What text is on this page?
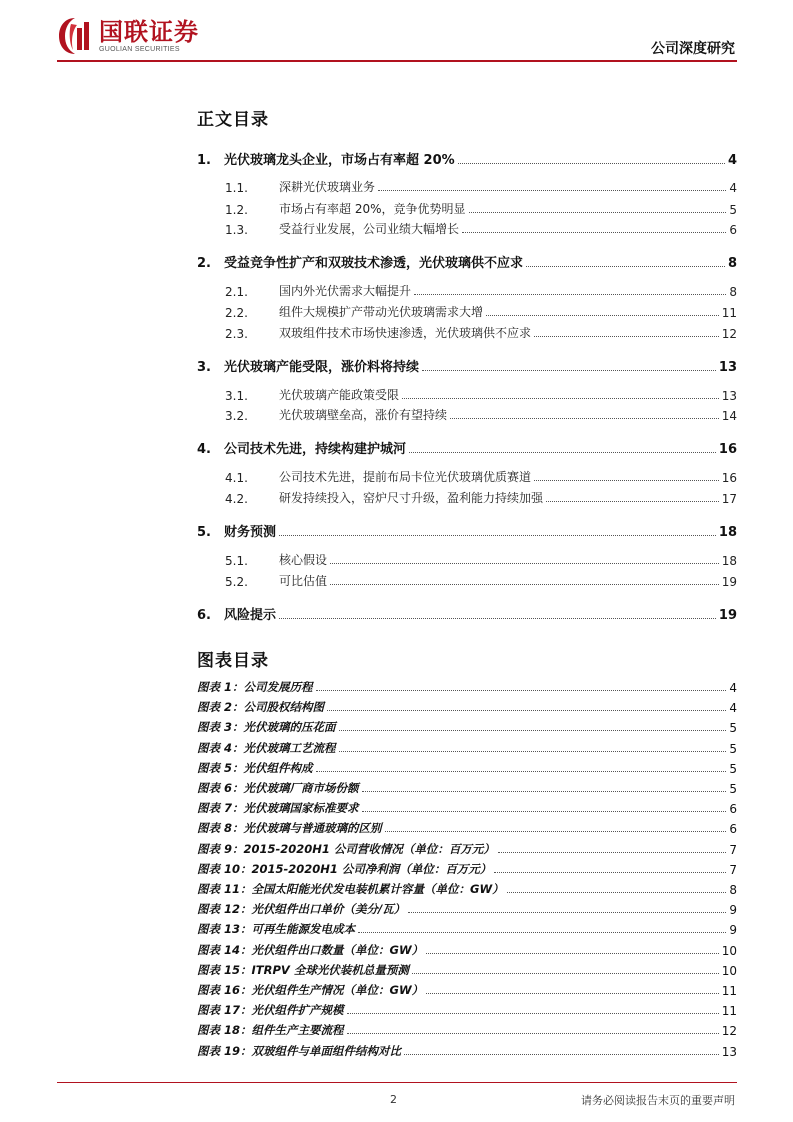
国联证券
GUOLIAN SECURITIES	公司深度研究
正文目录
1.	光伏玻璃龙头企业，市场占有率超 20%	4
1.1.	深耕光伏玻璃业务	4
1.2.	市场占有率超 20%，竞争优势明显	5
1.3.	受益行业发展，公司业绩大幅增长	6
2.	受益竞争性扩产和双玻技术渗透，光伏玻璃供不应求	8
2.1.	国内外光伏需求大幅提升	8
2.2.	组件大规模扩产带动光伏玻璃需求大增	11
2.3.	双玻组件技术市场快速渗透，光伏玻璃供不应求	12
3.	光伏玻璃产能受限，涨价料将持续	13
3.1.	光伏玻璃产能政策受限	13
3.2.	光伏玻璃壁垒高，涨价有望持续	14
4.	公司技术先进，持续构建护城河	16
4.1.	公司技术先进，提前布局卡位光伏玻璃优质赛道	16
4.2.	研发持续投入，窑炉尺寸升级，盈利能力持续加强	17
5.	财务预测	18
5.1.	核心假设	18
5.2.	可比估值	19
6.	风险提示	19
图表目录
图表 1：公司发展历程	4
图表 2：公司股权结构图	4
图表 3：光伏玻璃的压花面	5
图表 4：光伏玻璃工艺流程	5
图表 5：光伏组件构成	5
图表 6：光伏玻璃厂商市场份额	5
图表 7：光伏玻璃国家标准要求	6
图表 8：光伏玻璃与普通玻璃的区别	6
图表 9：2015-2020H1 公司营收情况（单位：百万元）	7
图表 10：2015-2020H1 公司净利润（单位：百万元）	7
图表 11：全国太阳能光伏发电装机累计容量（单位：GW）	8
图表 12：光伏组件出口单价（美分/瓦）	9
图表 13：可再生能源发电成本	9
图表 14：光伏组件出口数量（单位：GW）	10
图表 15：ITRPV 全球光伏装机总量预测	10
图表 16：光伏组件生产情况（单位：GW）	11
图表 17：光伏组件扩产规模	11
图表 18：组件生产主要流程	12
图表 19：双玻组件与单面组件结构对比	13
2	请务必阅读报告末页的重要声明
